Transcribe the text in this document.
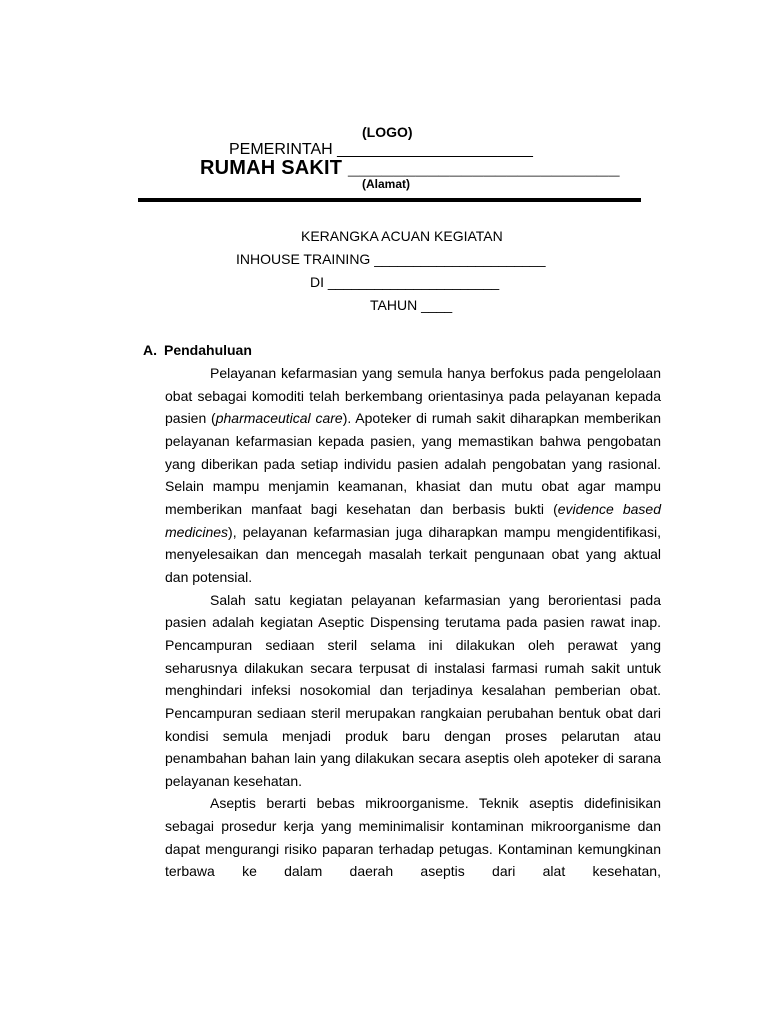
(LOGO)
PEMERINTAH ______________________
RUMAH SAKIT ________________________
(Alamat)
KERANGKA ACUAN KEGIATAN
INHOUSE TRAINING ______________________
DI ______________________
TAHUN ____
A. Pendahuluan

Pelayanan kefarmasian yang semula hanya berfokus pada pengelolaan obat sebagai komoditi telah berkembang orientasinya pada pelayanan kepada pasien (pharmaceutical care). Apoteker di rumah sakit diharapkan memberikan pelayanan kefarmasian kepada pasien, yang memastikan bahwa pengobatan yang diberikan pada setiap individu pasien adalah pengobatan yang rasional. Selain mampu menjamin keamanan, khasiat dan mutu obat agar mampu memberikan manfaat bagi kesehatan dan berbasis bukti (evidence based medicines), pelayanan kefarmasian juga diharapkan mampu mengidentifikasi, menyelesaikan dan mencegah masalah terkait pengunaan obat yang aktual dan potensial.

Salah satu kegiatan pelayanan kefarmasian yang berorientasi pada pasien adalah kegiatan Aseptic Dispensing terutama pada pasien rawat inap. Pencampuran sediaan steril selama ini dilakukan oleh perawat yang seharusnya dilakukan secara terpusat di instalasi farmasi rumah sakit untuk menghindari infeksi nosokomial dan terjadinya kesalahan pemberian obat. Pencampuran sediaan steril merupakan rangkaian perubahan bentuk obat dari kondisi semula menjadi produk baru dengan proses pelarutan atau penambahan bahan lain yang dilakukan secara aseptis oleh apoteker di sarana pelayanan kesehatan.

Aseptis berarti bebas mikroorganisme. Teknik aseptis didefinisikan sebagai prosedur kerja yang meminimalisir kontaminan mikroorganisme dan dapat mengurangi risiko paparan terhadap petugas. Kontaminan kemungkinan terbawa ke dalam daerah aseptis dari alat kesehatan,
